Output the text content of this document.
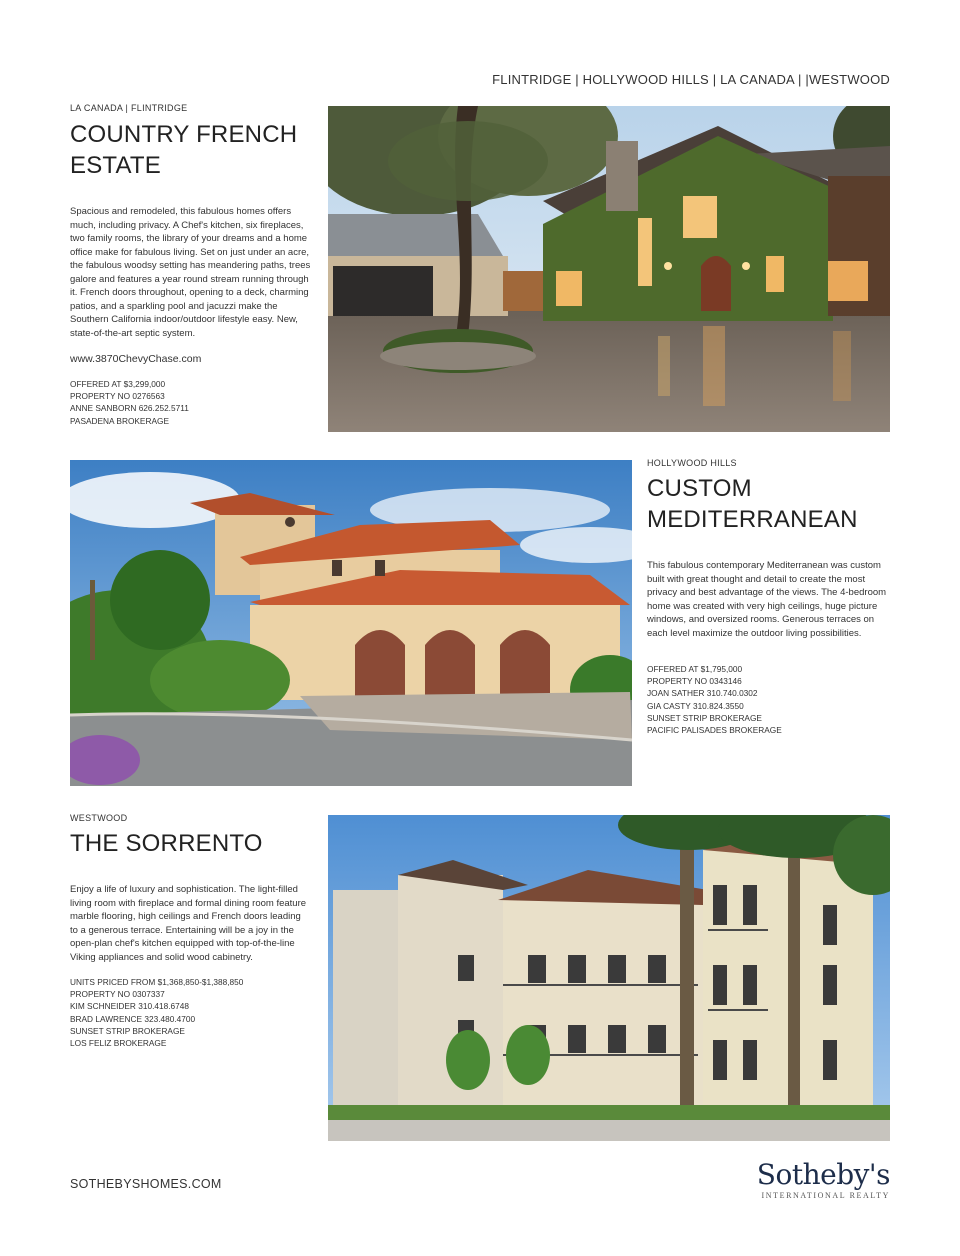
FLINTRIDGE | HOLLYWOOD HILLS | LA CANADA | |WESTWOOD
LA CANADA | FLINTRIDGE
COUNTRY FRENCH
ESTATE

Spacious and remodeled, this fabulous homes offers much, including privacy. A Chef's kitchen, six fireplaces, two family rooms, the library of your dreams and a home office make for fabulous living. Set on just under an acre, the fabulous woodsy setting has meandering paths, trees galore and features a year round stream running through it. French doors throughout, opening to a deck, charming patios, and a sparkling pool and jacuzzi make the Southern California indoor/outdoor lifestyle easy. New, state-of-the-art septic system.

www.3870ChevyChase.com
OFFERED AT $3,299,000
PROPERTY NO 0276563
ANNE SANBORN 626.252.5711
PASADENA BROKERAGE
HOLLYWOOD HILLS
CUSTOM
MEDITERRANEAN

This fabulous contemporary Mediterranean was custom built with great thought and detail to create the most privacy and best advantage of the views. The 4-bedroom home was created with very high ceilings, huge picture windows, and oversized rooms. Generous terraces on each level maximize the outdoor living possibilities.

OFFERED AT $1,795,000
PROPERTY NO 0343146
JOAN SATHER 310.740.0302
GIA CASTY 310.824.3550
SUNSET STRIP BROKERAGE
PACIFIC PALISADES BROKERAGE
WESTWOOD
THE SORRENTO

Enjoy a life of luxury and sophistication. The light-filled living room with fireplace and formal dining room feature marble flooring, high ceilings and French doors leading to a generous terrace. Entertaining will be a joy in the open-plan chef's kitchen equipped with top-of-the-line Viking appliances and solid wood cabinetry.

UNITS PRICED FROM $1,368,850-$1,388,850
PROPERTY NO 0307337
KIM SCHNEIDER 310.418.6748
BRAD LAWRENCE 323.480.4700
SUNSET STRIP BROKERAGE
LOS FELIZ BROKERAGE
SOTHEBYSHOMES.COM	Sotheby's
INTERNATIONAL REALTY
